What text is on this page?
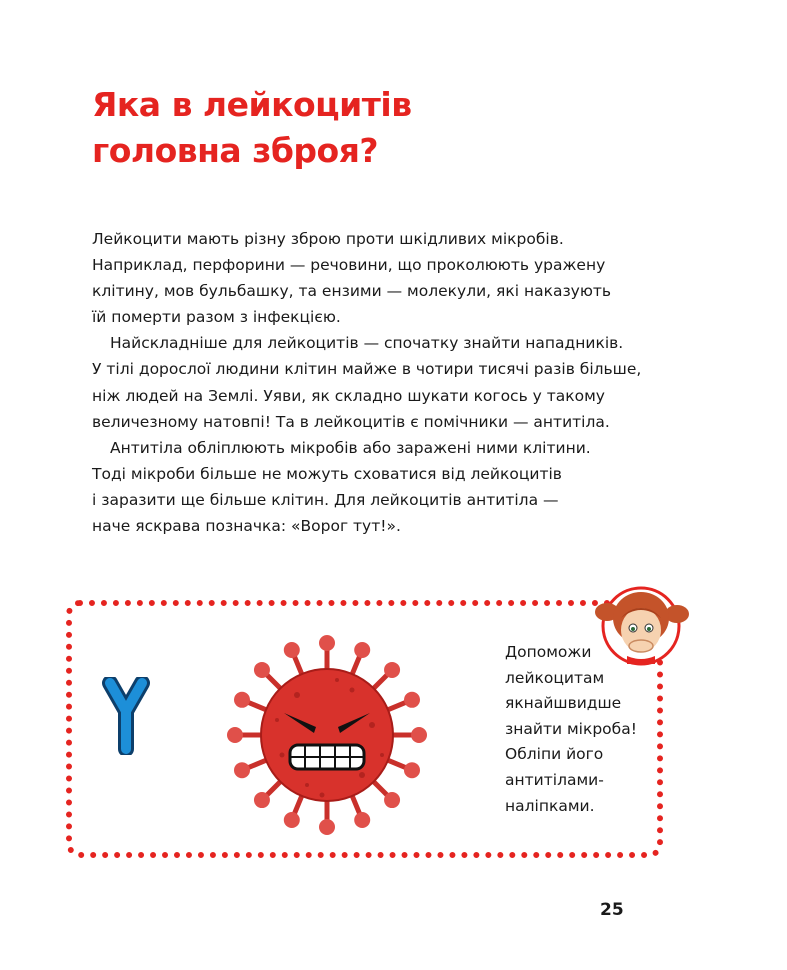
Яка в лейкоцитів
головна зброя?
Лейкоцити мають різну зброю проти шкідливих мікробів.
Наприклад, перфорини — речовини, що проколюють уражену
клітину, мов бульбашку, та ензими — молекули, які наказують
їй померти разом з інфекцією.
Найскладніше для лейкоцитів — спочатку знайти нападників.
У тілі дорослої людини клітин майже в чотири тисячі разів більше,
ніж людей на Землі. Уяви, як складно шукати когось у такому
величезному натовпі! Та в лейкоцитів є помічники — антитіла.
Антитіла обліплюють мікробів або заражені ними клітини.
Тоді мікроби більше не можуть сховатися від лейкоцитів
і заразити ще більше клітин. Для лейкоцитів антитіла —
наче яскрава позначка: «Ворог тут!».
Допоможи
лейкоцитам
якнайшвидше
знайти мікроба!
Обліпи його
антитілами-
наліпками.
25
